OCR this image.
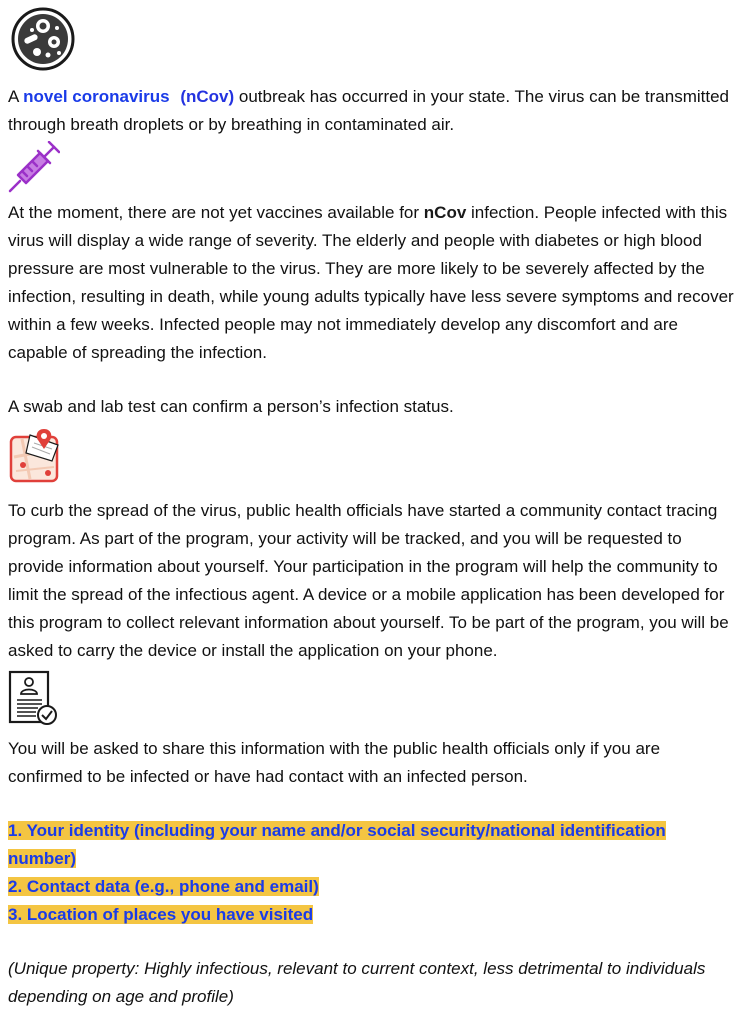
A novel coronavirus (nCov) outbreak has occurred in your state. The virus can be transmitted through breath droplets or by breathing in contaminated air.

At the moment, there are not yet vaccines available for nCov infection. People infected with this virus will display a wide range of severity. The elderly and people with diabetes or high blood pressure are most vulnerable to the virus. They are more likely to be severely affected by the infection, resulting in death, while young adults typically have less severe symptoms and recover within a few weeks. Infected people may not immediately develop any discomfort and are capable of spreading the infection.

A swab and lab test can confirm a person’s infection status.

To curb the spread of the virus, public health officials have started a community contact tracing program. As part of the program, your activity will be tracked, and you will be requested to provide information about yourself. Your participation in the program will help the community to limit the spread of the infectious agent. A device or a mobile application has been developed for this program to collect relevant information about yourself. To be part of the program, you will be asked to carry the device or install the application on your phone.

You will be asked to share this information with the public health officials only if you are confirmed to be infected or have had contact with an infected person.

1. Your identity (including your name and/or social security/national identification number)

2. Contact data (e.g., phone and email)

3. Location of places you have visited

(Unique property: Highly infectious, relevant to current context, less detrimental to individuals depending on age and profile)
